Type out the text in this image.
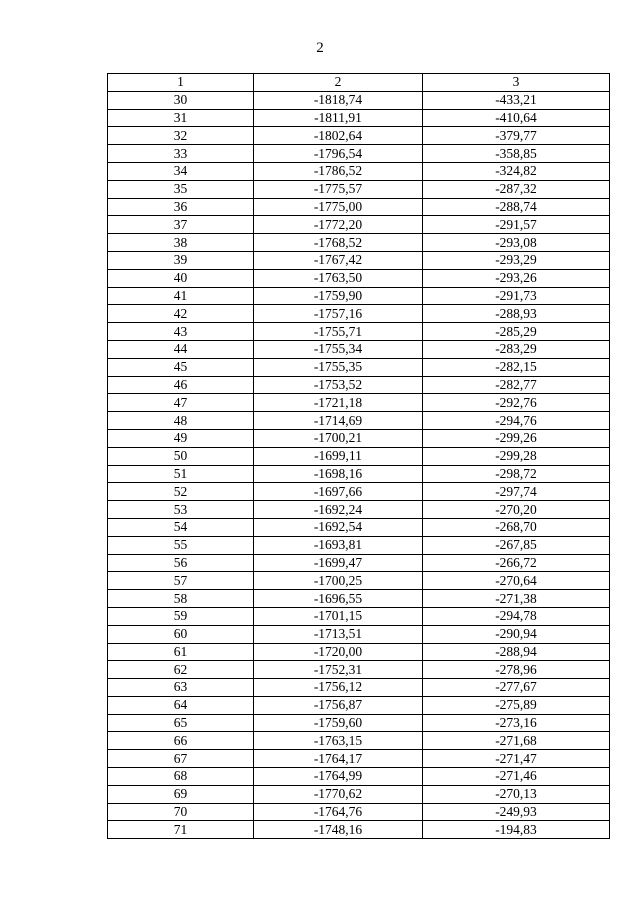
2
1	2	3
30	-1818,74	-433,21
31	-1811,91	-410,64
32	-1802,64	-379,77
33	-1796,54	-358,85
34	-1786,52	-324,82
35	-1775,57	-287,32
36	-1775,00	-288,74
37	-1772,20	-291,57
38	-1768,52	-293,08
39	-1767,42	-293,29
40	-1763,50	-293,26
41	-1759,90	-291,73
42	-1757,16	-288,93
43	-1755,71	-285,29
44	-1755,34	-283,29
45	-1755,35	-282,15
46	-1753,52	-282,77
47	-1721,18	-292,76
48	-1714,69	-294,76
49	-1700,21	-299,26
50	-1699,11	-299,28
51	-1698,16	-298,72
52	-1697,66	-297,74
53	-1692,24	-270,20
54	-1692,54	-268,70
55	-1693,81	-267,85
56	-1699,47	-266,72
57	-1700,25	-270,64
58	-1696,55	-271,38
59	-1701,15	-294,78
60	-1713,51	-290,94
61	-1720,00	-288,94
62	-1752,31	-278,96
63	-1756,12	-277,67
64	-1756,87	-275,89
65	-1759,60	-273,16
66	-1763,15	-271,68
67	-1764,17	-271,47
68	-1764,99	-271,46
69	-1770,62	-270,13
70	-1764,76	-249,93
71	-1748,16	-194,83
